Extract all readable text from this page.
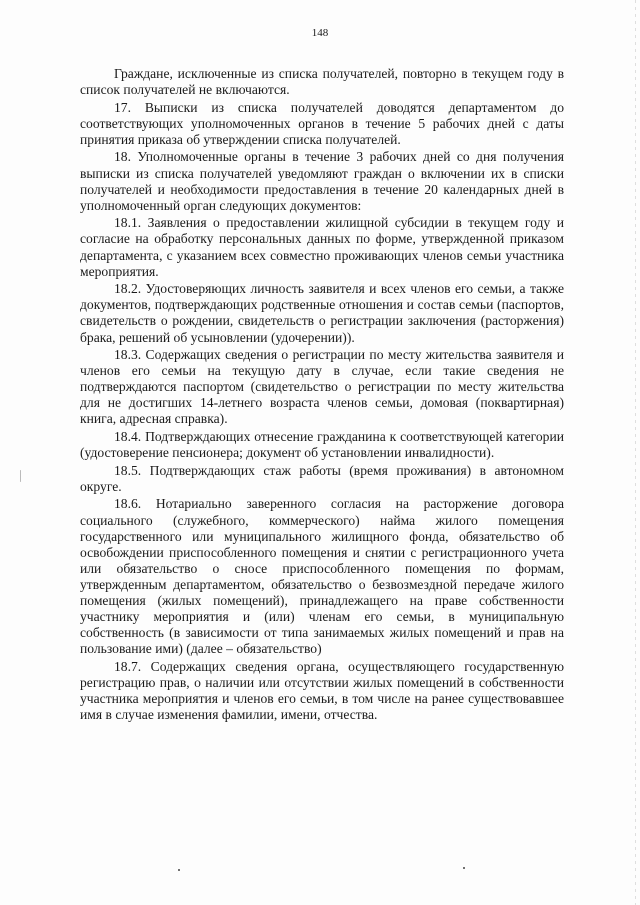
148

Граждане, исключенные из списка получателей, повторно в текущем году в список получателей не включаются.

17. Выписки из списка получателей доводятся департаментом до соответствующих уполномоченных органов в течение 5 рабочих дней с даты принятия приказа об утверждении списка получателей.

18. Уполномоченные органы в течение 3 рабочих дней со дня получения выписки из списка получателей уведомляют граждан о включении их в списки получателей и необходимости предоставления в течение 20 календарных дней в уполномоченный орган следующих документов:

18.1. Заявления о предоставлении жилищной субсидии в текущем году и согласие на обработку персональных данных по форме, утвержденной приказом департамента, с указанием всех совместно проживающих членов семьи участника мероприятия.

18.2. Удостоверяющих личность заявителя и всех членов его семьи, а также документов, подтверждающих родственные отношения и состав семьи (паспортов, свидетельств о рождении, свидетельств о регистрации заключения (расторжения) брака, решений об усыновлении (удочерении)).

18.3. Содержащих сведения о регистрации по месту жительства заявителя и членов его семьи на текущую дату в случае, если такие сведения не подтверждаются паспортом (свидетельство о регистрации по месту жительства для не достигших 14-летнего возраста членов семьи, домовая (поквартирная) книга, адресная справка).

18.4. Подтверждающих отнесение гражданина к соответствующей категории (удостоверение пенсионера; документ об установлении инвалидности).

18.5. Подтверждающих стаж работы (время проживания) в автономном округе.

18.6. Нотариально заверенного согласия на расторжение договора социального (служебного, коммерческого) найма жилого помещения государственного или муниципального жилищного фонда, обязательство об освобождении приспособленного помещения и снятии с регистрационного учета или обязательство о сносе приспособленного помещения по формам, утвержденным департаментом, обязательство о безвозмездной передаче жилого помещения (жилых помещений), принадлежащего на праве собственности участнику мероприятия и (или) членам его семьи, в муниципальную собственность (в зависимости от типа занимаемых жилых помещений и прав на пользование ими) (далее – обязательство)

18.7. Содержащих сведения органа, осуществляющего государственную регистрацию прав, о наличии или отсутствии жилых помещений в собственности участника мероприятия и членов его семьи, в том числе на ранее существовавшее имя в случае изменения фамилии, имени, отчества.
